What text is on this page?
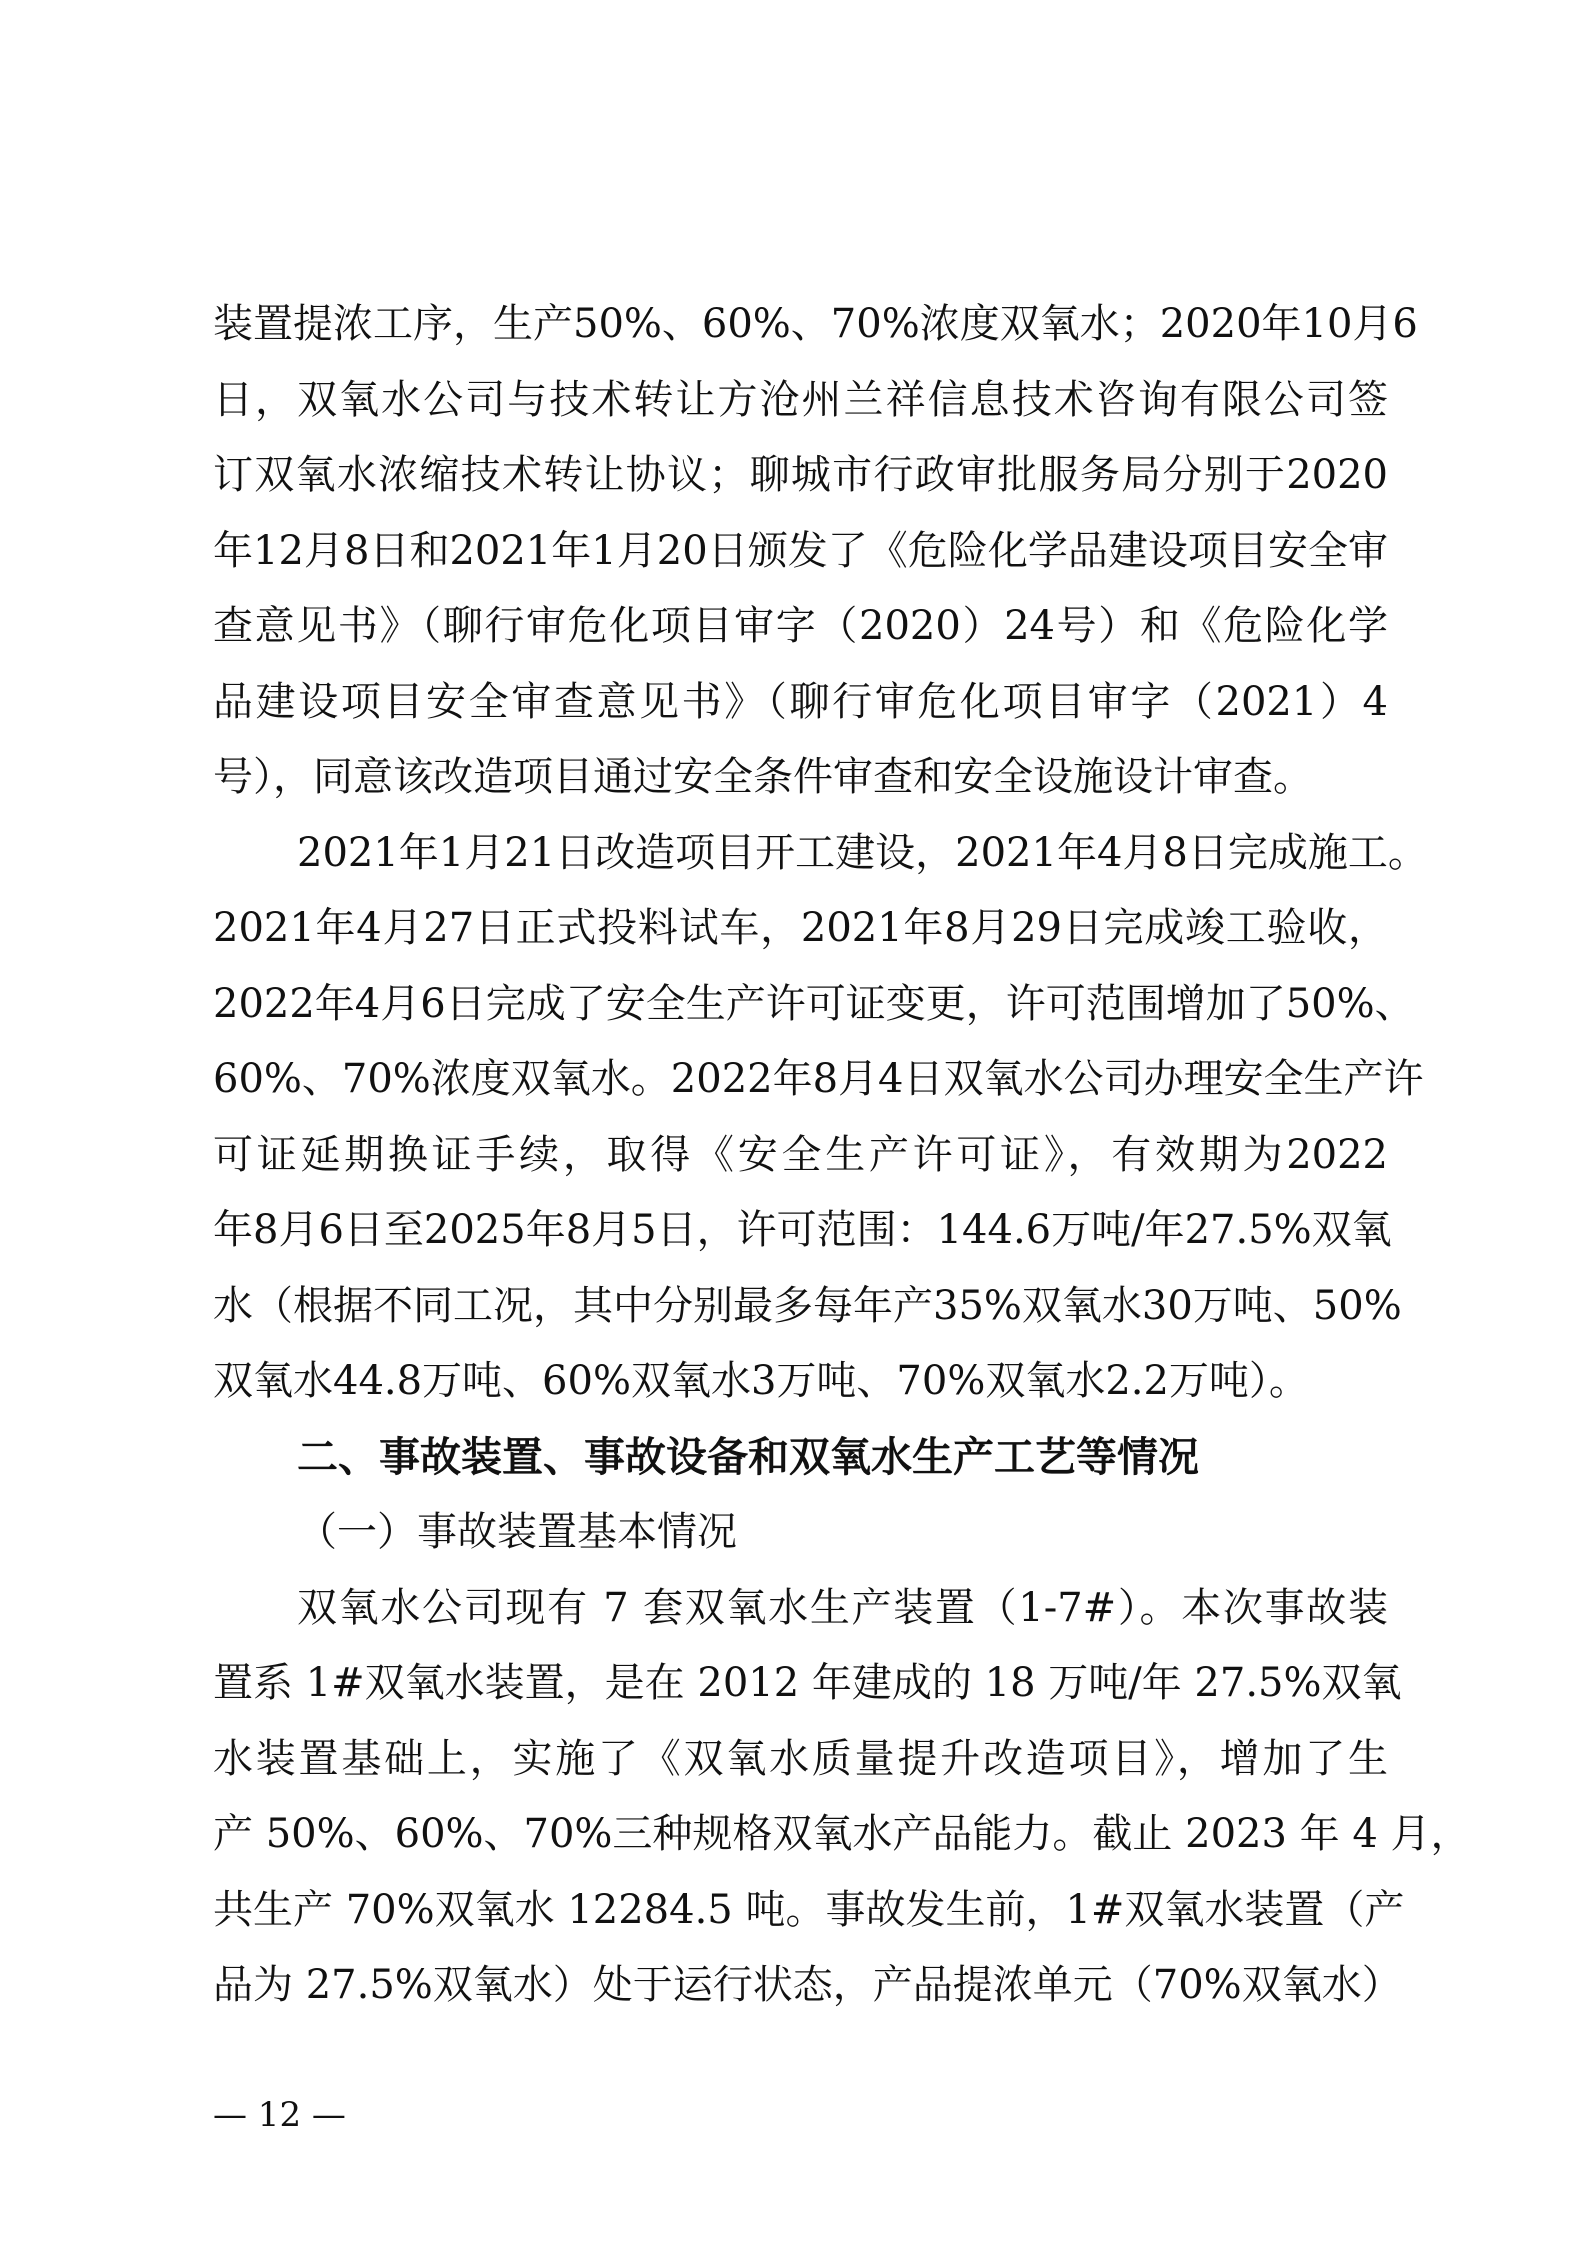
装置提浓工序，生产50%、60%、70%浓度双氧水；2020年10月6
日，双氧水公司与技术转让方沧州兰祥信息技术咨询有限公司签
订双氧水浓缩技术转让协议；聊城市行政审批服务局分别于2020
年12月8日和2021年1月20日颁发了《危险化学品建设项目安全审
查意见书》（聊行审危化项目审字（2020）24号）和《危险化学
品建设项目安全审查意见书》（聊行审危化项目审字（2021）4
号），同意该改造项目通过安全条件审查和安全设施设计审查。
2021年1月21日改造项目开工建设，2021年4月8日完成施工。
2021年4月27日正式投料试车，2021年8月29日完成竣工验收，
2022年4月6日完成了安全生产许可证变更，许可范围增加了50%、
60%、70%浓度双氧水。2022年8月4日双氧水公司办理安全生产许
可证延期换证手续，取得《安全生产许可证》，有效期为2022
年8月6日至2025年8月5日，许可范围：144.6万吨/年27.5%双氧
水（根据不同工况，其中分别最多每年产35%双氧水30万吨、50%
双氧水44.8万吨、60%双氧水3万吨、70%双氧水2.2万吨）。
二、事故装置、事故设备和双氧水生产工艺等情况
（一）事故装置基本情况
双氧水公司现有 7 套双氧水生产装置（1-7#）。本次事故装
置系 1#双氧水装置，是在 2012 年建成的 18 万吨/年 27.5%双氧
水装置基础上，实施了《双氧水质量提升改造项目》，增加了生
产 50%、60%、70%三种规格双氧水产品能力。截止 2023 年 4 月，
共生产 70%双氧水 12284.5 吨。事故发生前，1#双氧水装置（产
品为 27.5%双氧水）处于运行状态，产品提浓单元（70%双氧水）
— 12 —
